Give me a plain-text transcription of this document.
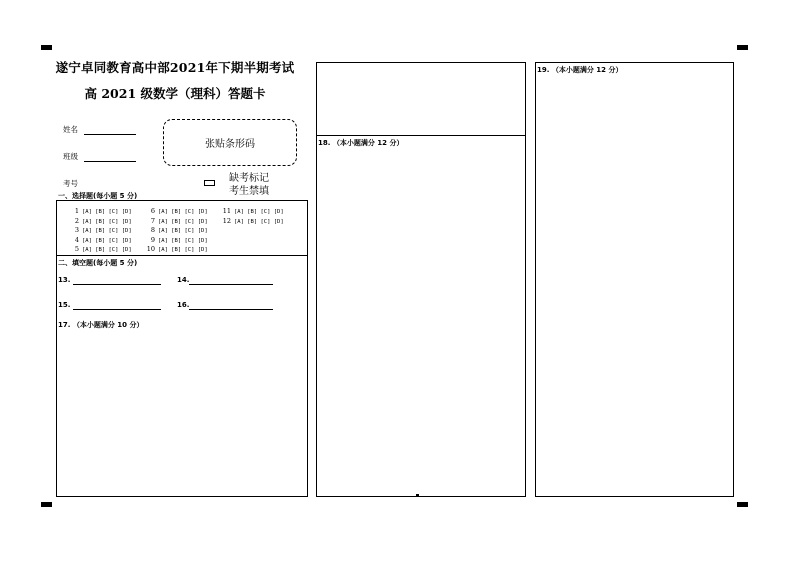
遂宁卓同教育高中部2021年下期半期考试
高 2021 级数学（理科）答题卡
姓名
班级
考号
张贴条形码
缺考标记
考生禁填
一、选择题(每小题 5 分)
1 [A] [B] [C] [D]
2 [A] [B] [C] [D]
3 [A] [B] [C] [D]
4 [A] [B] [C] [D]
5 [A] [B] [C] [D]
6 [A] [B] [C] [D]
7 [A] [B] [C] [D]
8 [A] [B] [C] [D]
9 [A] [B] [C] [D]
10 [A] [B] [C] [D]
11 [A] [B] [C] [D]
12 [A] [B] [C] [D]
二、填空题(每小题 5 分)
13.	14.
15.	16.
17. （本小题满分 10 分）
18. （本小题满分 12 分）
19. （本小题满分 12 分）
